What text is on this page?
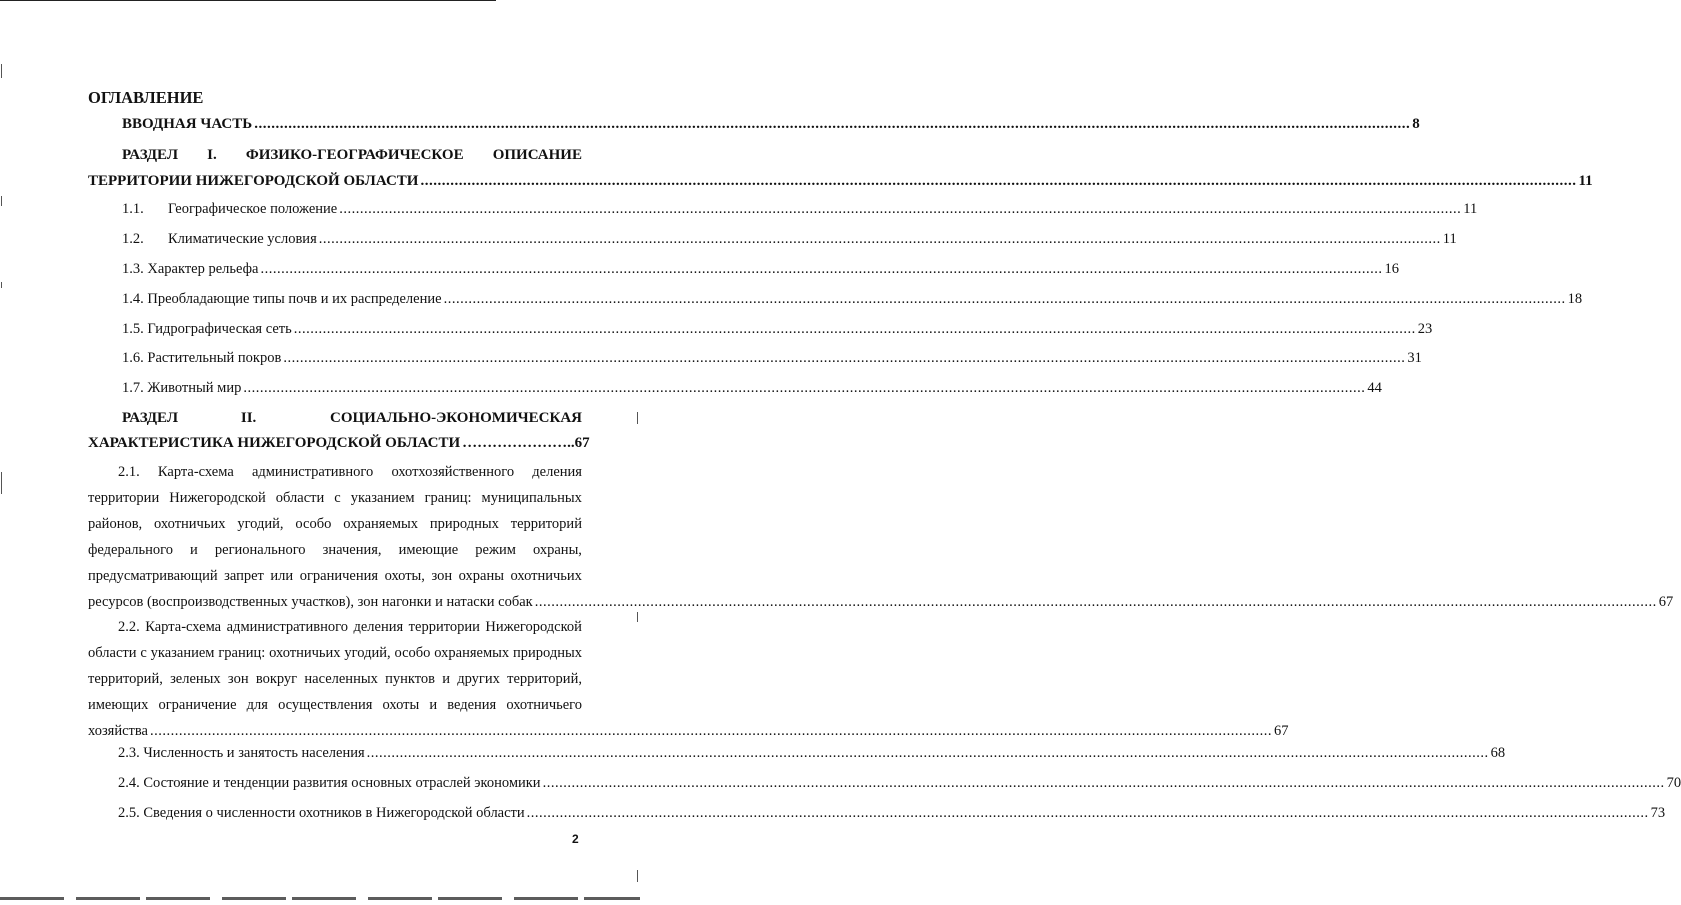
ОГЛАВЛЕНИЕ
ВВОДНАЯ ЧАСТЬ .....	8
РАЗДЕЛ I. ФИЗИКО-ГЕОГРАФИЧЕСКОЕ ОПИСАНИЕ
ТЕРРИТОРИИ НИЖЕГОРОДСКОЙ ОБЛАСТИ .....	11
1.1.	Географическое положение .....	11
1.2.	Климатические условия .....	11
1.3. Характер рельефа .....	16
1.4. Преобладающие типы почв и их распределение .....	18
1.5. Гидрографическая сеть .....	23
1.6. Растительный покров .....	31
1.7. Животный мир .....	44
РАЗДЕЛ	II.	СОЦИАЛЬНО-ЭКОНОМИЧЕСКАЯ
ХАРАКТЕРИСТИКА НИЖЕГОРОДСКОЙ ОБЛАСТИ ………………….. 67
2.1. Карта-схема административного охотхозяйственного деления
территории Нижегородской области с указанием границ: муниципальных
районов, охотничьих угодий, особо охраняемых природных территорий
федерального и регионального значения, имеющие режим охраны,
предусматривающий запрет или ограничения охоты, зон охраны охотничьих
ресурсов (воспроизводственных участков), зон нагонки и натаски собак .....	67
2.2. Карта-схема административного деления территории Нижегородской
области с указанием границ: охотничьих угодий, особо охраняемых природных
территорий, зеленых зон вокруг населенных пунктов и других территорий,
имеющих ограничение для осуществления охоты и ведения охотничьего
хозяйства .....	67
2.3. Численность и занятость населения .....	68
2.4. Состояние и тенденции развития основных отраслей экономики .....	70
2.5. Сведения о численности охотников в Нижегородской области .....	73
2
